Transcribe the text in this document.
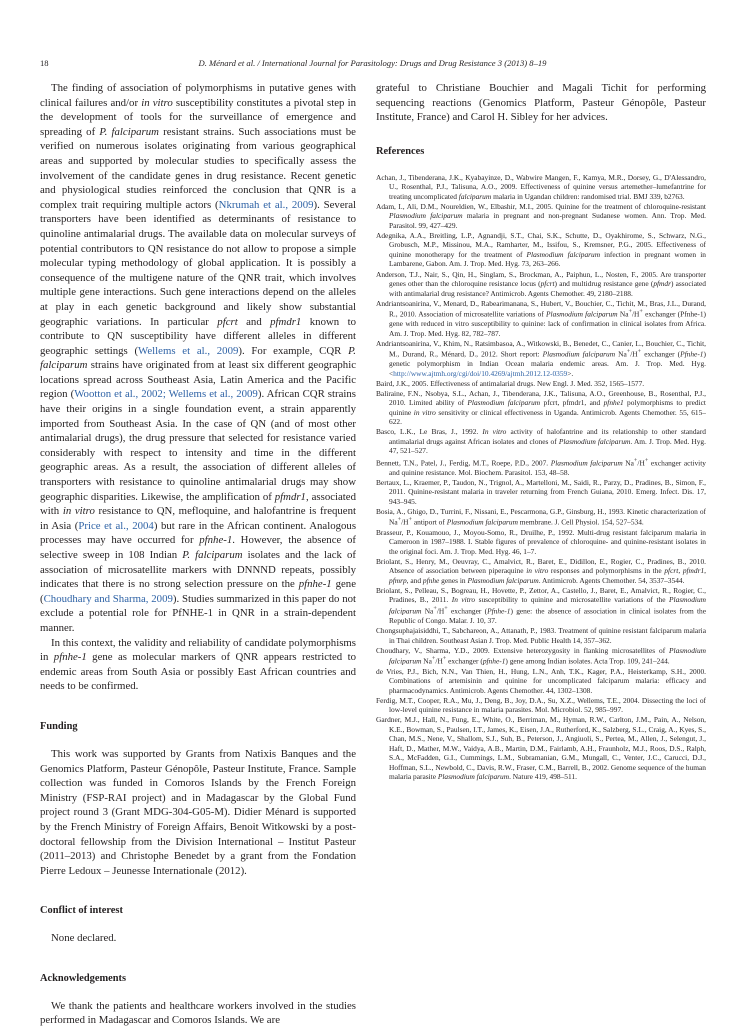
18	D. Ménard et al. / International Journal for Parasitology: Drugs and Drug Resistance 3 (2013) 8–19

The finding of association of polymorphisms in putative genes with clinical failures and/or in vitro susceptibility constitutes a pivotal step in the development of tools for the surveillance of emergence and spreading of P. falciparum resistant strains. Such associations must be verified on numerous isolates originating from various geographical areas and supported by molecular studies to specifically assess the involvement of the candidate genes in drug resistance. Recent genetic and physiological studies reinforced the conclusion that QNR is a complex trait requiring multiple actors (Nkrumah et al., 2009). Several transporters have been identified as determinants of resistance to quinoline antimalarial drugs. The available data on molecular surveys of potential contributors to QN resistance do not allow to propose a simple molecular typing methodology of global application. It is possibly a consequence of the multigene nature of the QNR trait, which involves multiple gene interactions. Such gene interactions depend on the alleles at play in each genetic background and likely show substantial geographic variations. In particular pfcrt and pfmdr1 known to contribute to QN susceptibility have different alleles in different geographic settings (Wellems et al., 2009). For example, CQR P. falciparum strains have originated from at least six different geographic locations spread across Southeast Asia, Latin America and the Pacific region (Wootton et al., 2002; Wellems et al., 2009). African CQR strains have their origins in a single foundation event, a strain apparently imported from Southeast Asia. In the case of QN (and of most other antimalarial drugs), the drug pressure that selected for resistance varied considerably with respect to intensity and time in the different geographic areas. As a result, the association of different alleles of transporters with resistance to quinoline antimalarial drugs may show geographic disparities. Likewise, the amplification of pfmdr1, associated with in vitro resistance to QN, mefloquine, and halofantrine is frequent in Asia (Price et al., 2004) but rare in the African continent. Analogous processes may have occurred for pfnhe-1. However, the absence of selective sweep in 108 Indian P. falciparum isolates and the lack of association of microsatellite markers with DNNND repeats, possibly indicates that there is no strong selection pressure on the pfnhe-1 gene (Choudhary and Sharma, 2009). Studies summarized in this paper do not exclude a potential role for PfNHE-1 in QNR in a strain-dependent manner.

In this context, the validity and reliability of candidate polymorphisms in pfnhe-1 gene as molecular markers of QNR appears restricted to endemic areas from South Asia or possibly East African countries and needs to be confirmed.

Funding

This work was supported by Grants from Natixis Banques and the Genomics Platform, Pasteur Génopôle, Pasteur Institute, France. Sample collection was funded in Comoros Islands by the French Foreign Ministry (FSP-RAI project) and in Madagascar by the Global Fund project round 3 (Grant MDG-304-G05-M). Didier Ménard is supported by the French Ministry of Foreign Affairs, Benoit Witkowski by a post-doctoral fellowship from the Division International – Institut Pasteur (2011–2013) and Christophe Benedet by a grant from the Fondation Pierre Ledoux – Jeunesse Internationale (2012).

Conflict of interest

None declared.

Acknowledgements

We thank the patients and healthcare workers involved in the studies performed in Madagascar and Comoros Islands. We are

grateful to Christiane Bouchier and Magali Tichit for performing sequencing reactions (Genomics Platform, Pasteur Génopôle, Pasteur Institute, France) and Carol H. Sibley for her advices.

References

Achan, J., Tibenderana, J.K., Kyabayinze, D., Wabwire Mangen, F., Kamya, M.R., Dorsey, G., D'Alessandro, U., Rosenthal, P.J., Talisuna, A.O., 2009. Effectiveness of quinine versus artemether–lumefantrine for treating uncomplicated falciparum malaria in Ugandan children: randomised trial. BMJ 339, b2763.

Adam, I., Ali, D.M., Noureldien, W., Elbashir, M.I., 2005. Quinine for the treatment of chloroquine-resistant Plasmodium falciparum malaria in pregnant and non-pregnant Sudanese women. Ann. Trop. Med. Parasitol. 99, 427–429.

Adegnika, A.A., Breitling, L.P., Agnandji, S.T., Chai, S.K., Schutte, D., Oyakhirome, S., Schwarz, N.G., Grobusch, M.P., Missinou, M.A., Ramharter, M., Issifou, S., Kremsner, P.G., 2005. Effectiveness of quinine monotherapy for the treatment of Plasmodium falciparum infection in pregnant women in Lambarene, Gabon. Am. J. Trop. Med. Hyg. 73, 263–266.

Anderson, T.J., Nair, S., Qin, H., Singlam, S., Brockman, A., Paiphun, L., Nosten, F., 2005. Are transporter genes other than the chloroquine resistance locus (pfcrt) and multidrug resistance gene (pfmdr) associated with antimalarial drug resistance? Antimicrob. Agents Chemother. 49, 2180–2188.

Andriantsoanirina, V., Menard, D., Rabearimanana, S., Hubert, V., Bouchier, C., Tichit, M., Bras, J.L., Durand, R., 2010. Association of microsatellite variations of Plasmodium falciparum Na+/H+ exchanger (Pfnhe-1) gene with reduced in vitro susceptibility to quinine: lack of confirmation in clinical isolates from Africa. Am. J. Trop. Med. Hyg. 82, 782–787.

Andriantsoanirina, V., Khim, N., Ratsimbasoa, A., Witkowski, B., Benedet, C., Canier, L., Bouchier, C., Tichit, M., Durand, R., Ménard, D., 2012. Short report: Plasmodium falciparum Na+/H+ exchanger (Pfnhe-1) genetic polymorphism in Indian Ocean malaria endemic areas. Am. J. Trop. Med. Hyg. <http://www.ajtmh.org/cgi/doi/10.4269/ajtmh.2012.12-0359>.

Baird, J.K., 2005. Effectiveness of antimalarial drugs. New Engl. J. Med. 352, 1565–1577.

Baliraine, F.N., Nsobya, S.L., Achan, J., Tibenderana, J.K., Talisuna, A.O., Greenhouse, B., Rosenthal, P.J., 2010. Limited ability of Plasmodium falciparum pfcrt, pfmdr1, and pfnhe1 polymorphisms to predict quinine in vitro sensitivity or clinical effectiveness in Uganda. Antimicrob. Agents Chemother. 55, 615–622.

Basco, L.K., Le Bras, J., 1992. In vitro activity of halofantrine and its relationship to other standard antimalarial drugs against African isolates and clones of Plasmodium falciparum. Am. J. Trop. Med. Hyg. 47, 521–527.

Bennett, T.N., Patel, J., Ferdig, M.T., Roepe, P.D., 2007. Plasmodium falciparum Na+/H+ exchanger activity and quinine resistance. Mol. Biochem. Parasitol. 153, 48–58.

Bertaux, L., Kraemer, P., Taudon, N., Trignol, A., Martelloni, M., Saidi, R., Parzy, D., Pradines, B., Simon, F., 2011. Quinine-resistant malaria in traveler returning from French Guiana, 2010. Emerg. Infect. Dis. 17, 943–945.

Bosia, A., Ghigo, D., Turrini, F., Nissani, E., Pescarmona, G.P., Ginsburg, H., 1993. Kinetic characterization of Na+/H+ antiport of Plasmodium falciparum membrane. J. Cell Physiol. 154, 527–534.

Brasseur, P., Kouamouo, J., Moyou-Somo, R., Druilhe, P., 1992. Multi-drug resistant falciparum malaria in Cameroon in 1987–1988. I. Stable figures of prevalence of chloroquine- and quinine-resistant isolates in the original foci. Am. J. Trop. Med. Hyg. 46, 1–7.

Briolant, S., Henry, M., Oeuvray, C., Amalvict, R., Baret, E., Didillon, E., Rogier, C., Pradines, B., 2010. Absence of association between piperaquine in vitro responses and polymorphisms in the pfcrt, pfmdr1, pfmrp, and pfnhe genes in Plasmodium falciparum. Antimicrob. Agents Chemother. 54, 3537–3544.

Briolant, S., Pelleau, S., Bogreau, H., Hovette, P., Zettor, A., Castello, J., Baret, E., Amalvict, R., Rogier, C., Pradines, B., 2011. In vitro susceptibility to quinine and microsatellite variations of the Plasmodium falciparum Na+/H+ exchanger (Pfnhe-1) gene: the absence of association in clinical isolates from the Republic of Congo. Malar. J. 10, 37.

Chongsuphajaisiddhi, T., Sabchareon, A., Attanath, P., 1983. Treatment of quinine resistant falciparum malaria in Thai children. Southeast Asian J. Trop. Med. Public Health 14, 357–362.

Choudhary, V., Sharma, Y.D., 2009. Extensive heterozygosity in flanking microsatellites of Plasmodium falciparum Na+/H+ exchanger (pfnhe-1) gene among Indian isolates. Acta Trop. 109, 241–244.

de Vries, P.J., Bich, N.N., Van Thien, H., Hung, L.N., Anh, T.K., Kager, P.A., Heisterkamp, S.H., 2000. Combinations of artemisinin and quinine for uncomplicated falciparum malaria: efficacy and pharmacodynamics. Antimicrob. Agents Chemother. 44, 1302–1308.

Ferdig, M.T., Cooper, R.A., Mu, J., Deng, B., Joy, D.A., Su, X.Z., Wellems, T.E., 2004. Dissecting the loci of low-level quinine resistance in malaria parasites. Mol. Microbiol. 52, 985–997.

Gardner, M.J., Hall, N., Fung, E., White, O., Berriman, M., Hyman, R.W., Carlton, J.M., Pain, A., Nelson, K.E., Bowman, S., Paulsen, I.T., James, K., Eisen, J.A., Rutherford, K., Salzberg, S.L., Craig, A., Kyes, S., Chan, M.S., Nene, V., Shallom, S.J., Suh, B., Peterson, J., Angiuoli, S., Pertea, M., Allen, J., Selengut, J., Haft, D., Mather, M.W., Vaidya, A.B., Martin, D.M., Fairlamb, A.H., Fraunholz, M.J., Roos, D.S., Ralph, S.A., McFadden, G.I., Cummings, L.M., Subramanian, G.M., Mungall, C., Venter, J.C., Carucci, D.J., Hoffman, S.L., Newbold, C., Davis, R.W., Fraser, C.M., Barrell, B., 2002. Genome sequence of the human malaria parasite Plasmodium falciparum. Nature 419, 498–511.
